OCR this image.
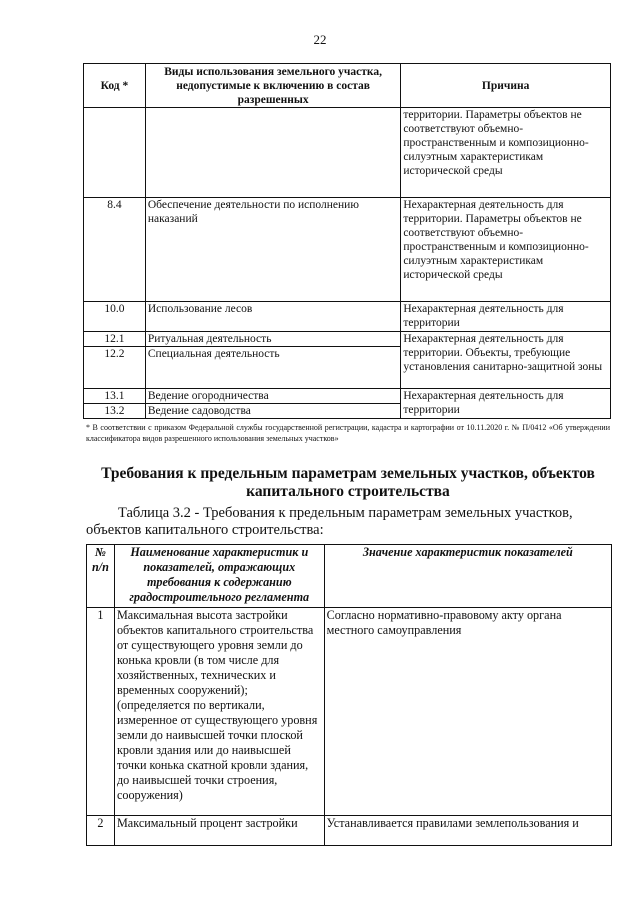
22
Код *	Виды использования земельного участка, недопустимые к включению в состав разрешенных	Причина
		территории. Параметры объектов не соответствуют объемно-пространственным и композиционно-силуэтным характеристикам исторической среды
8.4	Обеспечение деятельности по исполнению наказаний	Нехарактерная деятельность для территории. Параметры объектов не соответствуют объемно-пространственным и композиционно-силуэтным характеристикам исторической среды
10.0	Использование лесов	Нехарактерная деятельность для территории
12.1	Ритуальная деятельность	Нехарактерная деятельность для территории. Объекты, требующие установления санитарно-защитной зоны
12.2	Специальная деятельность	
13.1	Ведение огородничества	Нехарактерная деятельность для территории
13.2	Ведение садоводства	
* В соответствии с приказом Федеральной службы государственной регистрации, кадастра и картографии от 10.11.2020 г. № П/0412 «Об утверждении классификатора видов разрешенного использования земельных участков»
Требования к предельным параметрам земельных участков, объектов капитального строительства
Таблица 3.2 - Требования к предельным параметрам земельных участков,
объектов капитального строительства:
№ п/п	Наименование характеристик и показателей, отражающих требования к содержанию градостроительного регламента	Значение характеристик показателей
1	Максимальная высота застройки объектов капитального строительства от существующего уровня земли до конька кровли (в том числе для хозяйственных, технических и временных сооружений); (определяется по вертикали, измеренное от существующего уровня земли до наивысшей точки плоской кровли здания или до наивысшей точки конька скатной кровли здания, до наивысшей точки строения, сооружения)	Согласно нормативно-правовому акту органа местного самоуправления
2	Максимальный процент застройки	Устанавливается правилами землепользования и
